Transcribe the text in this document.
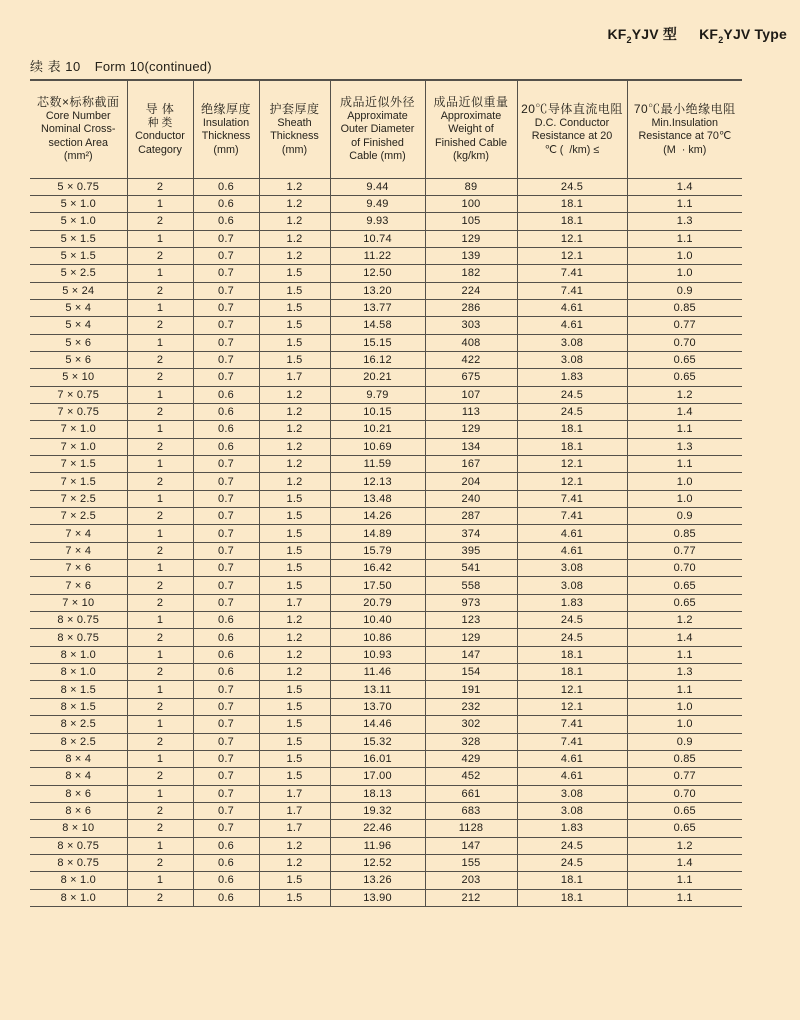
$KF_2YJV$ 型 $KF_2YJV$ Type
续 表 10 Form 10(continued)
芯数×标称截面
Core Number
Nominal Cross-
section Area
(mm²)

导 体
种 类
Conductor
Category

绝缘厚度
Insulation
Thickness
(mm)

护套厚度
Sheath
Thickness
(mm)

成品近似外径
Approximate
Outer Diameter
of Finished
Cable (mm)

成品近似重量
Approximate
Weight of
Finished Cable
(kg/km)

20℃导体直流电阻
D.C. Conductor
Resistance at 20
℃ (  /km) ≤

70℃最小绝缘电阻
Min.Insulation
Resistance at 70℃
(M  · km)

5 × 0.75	2	0.6	1.2	9.44	89	24.5	1.4
5 × 1.0	1	0.6	1.2	9.49	100	18.1	1.1
5 × 1.0	2	0.6	1.2	9.93	105	18.1	1.3
5 × 1.5	1	0.7	1.2	10.74	129	12.1	1.1
5 × 1.5	2	0.7	1.2	11.22	139	12.1	1.0
5 × 2.5	1	0.7	1.5	12.50	182	7.41	1.0
5 × 24	2	0.7	1.5	13.20	224	7.41	0.9
5 × 4	1	0.7	1.5	13.77	286	4.61	0.85
5 × 4	2	0.7	1.5	14.58	303	4.61	0.77
5 × 6	1	0.7	1.5	15.15	408	3.08	0.70
5 × 6	2	0.7	1.5	16.12	422	3.08	0.65
5 × 10	2	0.7	1.7	20.21	675	1.83	0.65
7 × 0.75	1	0.6	1.2	9.79	107	24.5	1.2
7 × 0.75	2	0.6	1.2	10.15	113	24.5	1.4
7 × 1.0	1	0.6	1.2	10.21	129	18.1	1.1
7 × 1.0	2	0.6	1.2	10.69	134	18.1	1.3
7 × 1.5	1	0.7	1.2	11.59	167	12.1	1.1
7 × 1.5	2	0.7	1.2	12.13	204	12.1	1.0
7 × 2.5	1	0.7	1.5	13.48	240	7.41	1.0
7 × 2.5	2	0.7	1.5	14.26	287	7.41	0.9
7 × 4	1	0.7	1.5	14.89	374	4.61	0.85
7 × 4	2	0.7	1.5	15.79	395	4.61	0.77
7 × 6	1	0.7	1.5	16.42	541	3.08	0.70
7 × 6	2	0.7	1.5	17.50	558	3.08	0.65
7 × 10	2	0.7	1.7	20.79	973	1.83	0.65
8 × 0.75	1	0.6	1.2	10.40	123	24.5	1.2
8 × 0.75	2	0.6	1.2	10.86	129	24.5	1.4
8 × 1.0	1	0.6	1.2	10.93	147	18.1	1.1
8 × 1.0	2	0.6	1.2	11.46	154	18.1	1.3
8 × 1.5	1	0.7	1.5	13.11	191	12.1	1.1
8 × 1.5	2	0.7	1.5	13.70	232	12.1	1.0
8 × 2.5	1	0.7	1.5	14.46	302	7.41	1.0
8 × 2.5	2	0.7	1.5	15.32	328	7.41	0.9
8 × 4	1	0.7	1.5	16.01	429	4.61	0.85
8 × 4	2	0.7	1.5	17.00	452	4.61	0.77
8 × 6	1	0.7	1.7	18.13	661	3.08	0.70
8 × 6	2	0.7	1.7	19.32	683	3.08	0.65
8 × 10	2	0.7	1.7	22.46	1128	1.83	0.65
8 × 0.75	1	0.6	1.2	11.96	147	24.5	1.2
8 × 0.75	2	0.6	1.2	12.52	155	24.5	1.4
8 × 1.0	1	0.6	1.5	13.26	203	18.1	1.1
8 × 1.0	2	0.6	1.5	13.90	212	18.1	1.1
